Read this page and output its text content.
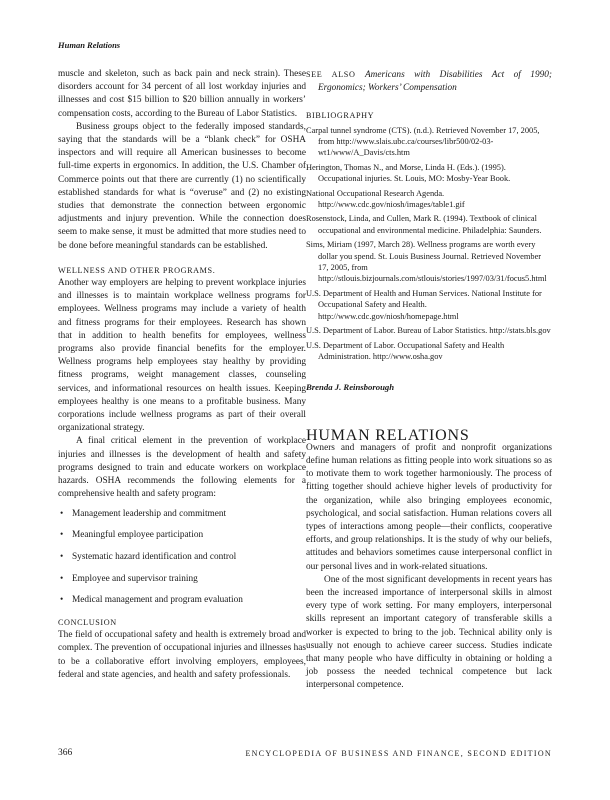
Human Relations

muscle and skeleton, such as back pain and neck strain). These disorders account for 34 percent of all lost workday injuries and illnesses and cost $15 billion to $20 billion annually in workers’ compensation costs, according to the Bureau of Labor Statistics.

Business groups object to the federally imposed standards, saying that the standards will be a “blank check” for OSHA inspectors and will require all American businesses to become full-time experts in ergonomics. In addition, the U.S. Chamber of Commerce points out that there are currently (1) no scientifically established standards for what is “overuse” and (2) no existing studies that demonstrate the connection between ergonomic adjustments and injury prevention. While the connection does seem to make sense, it must be admitted that more studies need to be done before meaningful standards can be established.

WELLNESS AND OTHER PROGRAMS.

Another way employers are helping to prevent workplace injuries and illnesses is to maintain workplace wellness programs for employees. Wellness programs may include a variety of health and fitness programs for their employees. Research has shown that in addition to health benefits for employees, wellness programs also provide financial benefits for the employer. Wellness programs help employees stay healthy by providing fitness programs, weight management classes, counseling services, and informational resources on health issues. Keeping employees healthy is one means to a profitable business. Many corporations include wellness programs as part of their overall organizational strategy.

A final critical element in the prevention of workplace injuries and illnesses is the development of health and safety programs designed to train and educate workers on workplace hazards. OSHA recommends the following elements for a comprehensive health and safety program:

• Management leadership and commitment
• Meaningful employee participation
• Systematic hazard identification and control
• Employee and supervisor training
• Medical management and program evaluation
CONCLUSION

The field of occupational safety and health is extremely broad and complex. The prevention of occupational injuries and illnesses has to be a collaborative effort involving employers, employees, federal and state agencies, and health and safety professionals.

SEE ALSO Americans with Disabilities Act of 1990; Ergonomics; Workers’ Compensation

BIBLIOGRAPHY
Carpal tunnel syndrome (CTS). (n.d.). Retrieved November 17, 2005, from http://www.slais.ubc.ca/courses/libr500/02-03-wt1/www/A_Davis/cts.htm
Herington, Thomas N., and Morse, Linda H. (Eds.). (1995). Occupational injuries. St. Louis, MO: Mosby-Year Book.
National Occupational Research Agenda. http://www.cdc.gov/niosh/images/table1.gif
Rosenstock, Linda, and Cullen, Mark R. (1994). Textbook of clinical occupational and environmental medicine. Philadelphia: Saunders.
Sims, Miriam (1997, March 28). Wellness programs are worth every dollar you spend. St. Louis Business Journal. Retrieved November 17, 2005, from http://stlouis.bizjournals.com/stlouis/stories/1997/03/31/focus5.html
U.S. Department of Health and Human Services. National Institute for Occupational Safety and Health. http://www.cdc.gov/niosh/homepage.html
U.S. Department of Labor. Bureau of Labor Statistics. http://stats.bls.gov
U.S. Department of Labor. Occupational Safety and Health Administration. http://www.osha.gov

Brenda J. Reinsborough

HUMAN RELATIONS

Owners and managers of profit and nonprofit organizations define human relations as fitting people into work situations so as to motivate them to work together harmoniously. The process of fitting together should achieve higher levels of productivity for the organization, while also bringing employees economic, psychological, and social satisfaction. Human relations covers all types of interactions among people—their conflicts, cooperative efforts, and group relationships. It is the study of why our beliefs, attitudes and behaviors sometimes cause interpersonal conflict in our personal lives and in work-related situations.

One of the most significant developments in recent years has been the increased importance of interpersonal skills in almost every type of work setting. For many employers, interpersonal skills represent an important category of transferable skills a worker is expected to bring to the job. Technical ability only is usually not enough to achieve career success. Studies indicate that many people who have difficulty in obtaining or holding a job possess the needed technical competence but lack interpersonal competence.

366	ENCYCLOPEDIA OF BUSINESS AND FINANCE, SECOND EDITION
